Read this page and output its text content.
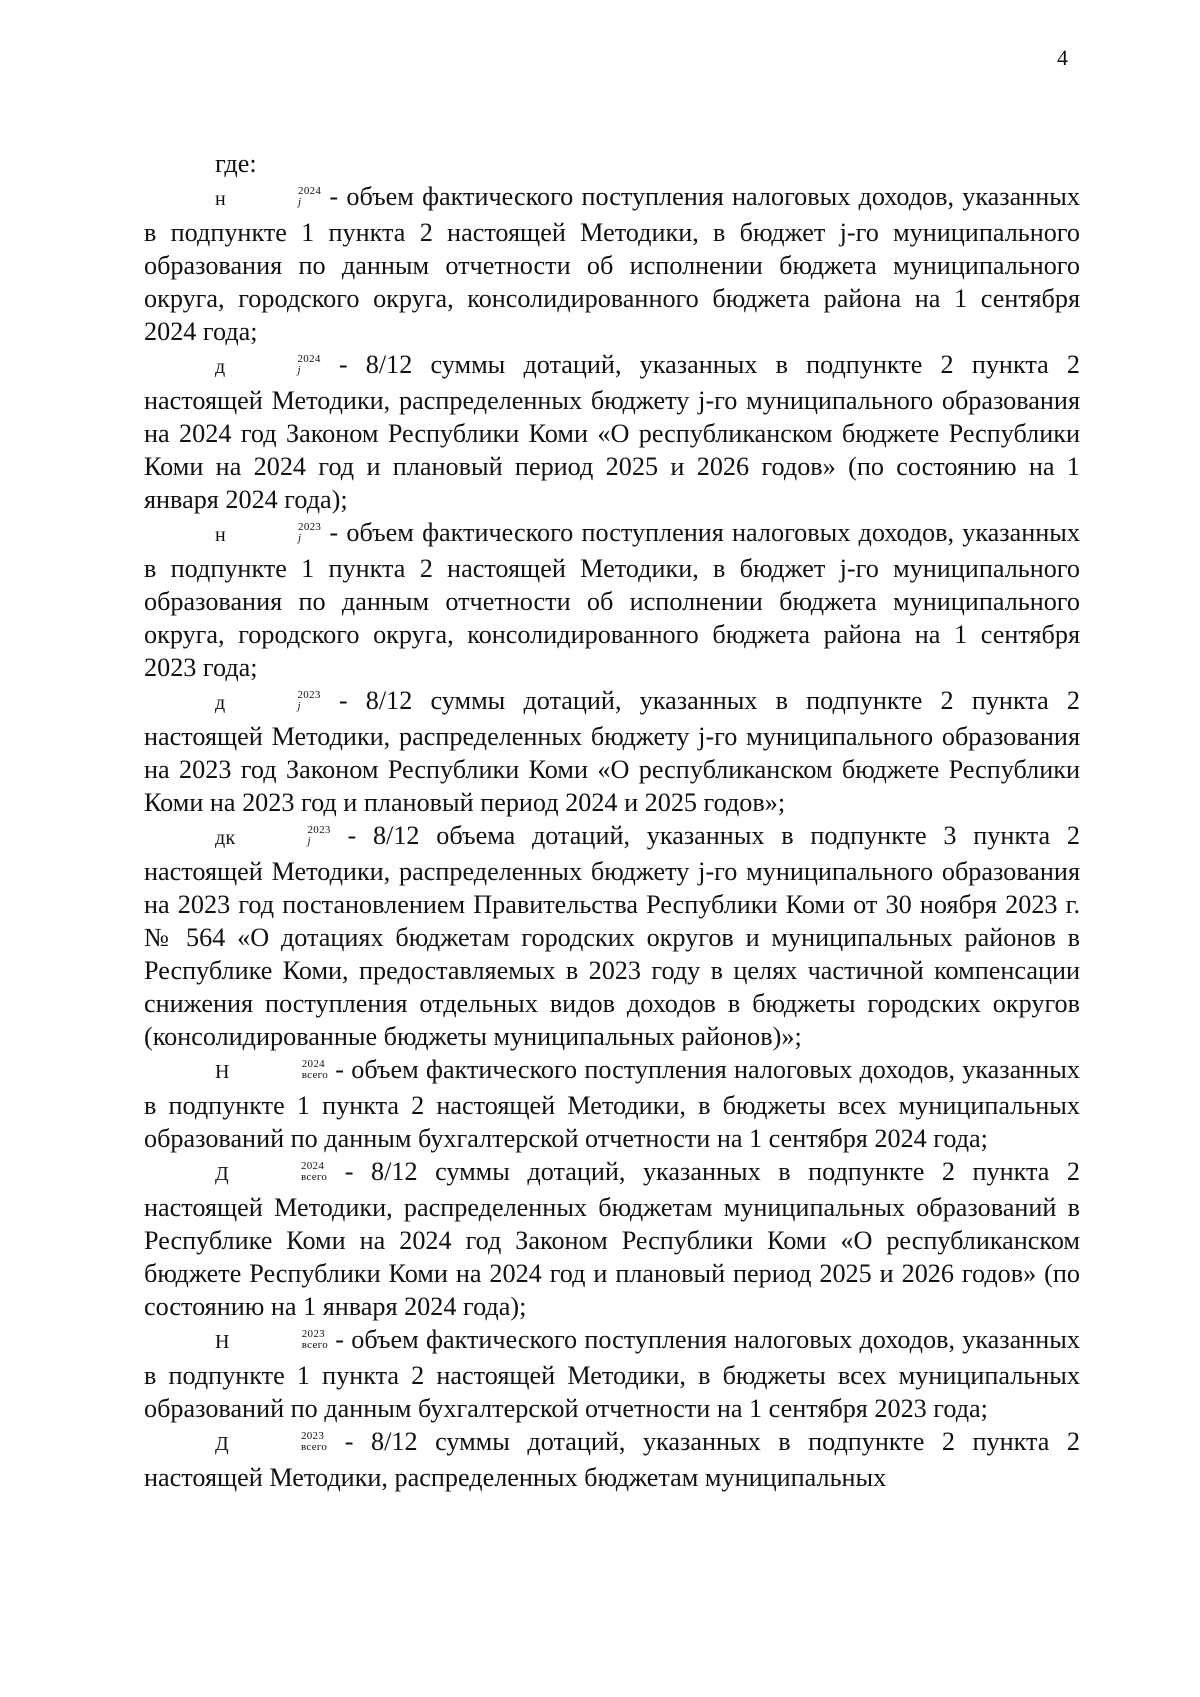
4

где:

н	2024
j - объем фактического поступления налоговых доходов, указанных в подпункте 1 пункта 2 настоящей Методики, в бюджет j-го муниципального образования по данным отчетности об исполнении бюджета муниципального округа, городского округа, консолидированного бюджета района на 1 сентября 2024 года;

д	2024
j - 8/12 суммы дотаций, указанных в подпункте 2 пункта 2 настоящей Методики, распределенных бюджету j-го муниципального образования на 2024 год Законом Республики Коми «О республиканском бюджете Республики Коми на 2024 год и плановый период 2025 и 2026 годов» (по состоянию на 1 января 2024 года);

н	2023
j - объем фактического поступления налоговых доходов, указанных в подпункте 1 пункта 2 настоящей Методики, в бюджет j-го муниципального образования по данным отчетности об исполнении бюджета муниципального округа, городского округа, консолидированного бюджета района на 1 сентября 2023 года;

д	2023
j - 8/12 суммы дотаций, указанных в подпункте 2 пункта 2 настоящей Методики, распределенных бюджету j-го муниципального образования на 2023 год Законом Республики Коми «О республиканском бюджете Республики Коми на 2023 год и плановый период 2024 и 2025 годов»;

дк	2023
j - 8/12 объема дотаций, указанных в подпункте 3 пункта 2 настоящей Методики, распределенных бюджету j-го муниципального образования на 2023 год постановлением Правительства Республики Коми от 30 ноября 2023 г. № 564 «О дотациях бюджетам городских округов и муниципальных районов в Республике Коми, предоставляемых в 2023 году в целях частичной компенсации снижения поступления отдельных видов доходов в бюджеты городских округов (консолидированные бюджеты муниципальных районов)»;

Н	2024
всего - объем фактического поступления налоговых доходов, указанных в подпункте 1 пункта 2 настоящей Методики, в бюджеты всех муниципальных образований по данным бухгалтерской отчетности на 1 сентября 2024 года;

Д	2024
всего - 8/12 суммы дотаций, указанных в подпункте 2 пункта 2 настоящей Методики, распределенных бюджетам муниципальных образований в Республике Коми на 2024 год Законом Республики Коми «О республиканском бюджете Республики Коми на 2024 год и плановый период 2025 и 2026 годов» (по состоянию на 1 января 2024 года);

Н	2023
всего - объем фактического поступления налоговых доходов, указанных в подпункте 1 пункта 2 настоящей Методики, в бюджеты всех муниципальных образований по данным бухгалтерской отчетности на 1 сентября 2023 года;

Д	2023
всего - 8/12 суммы дотаций, указанных в подпункте 2 пункта 2 настоящей Методики, распределенных бюджетам муниципальных
